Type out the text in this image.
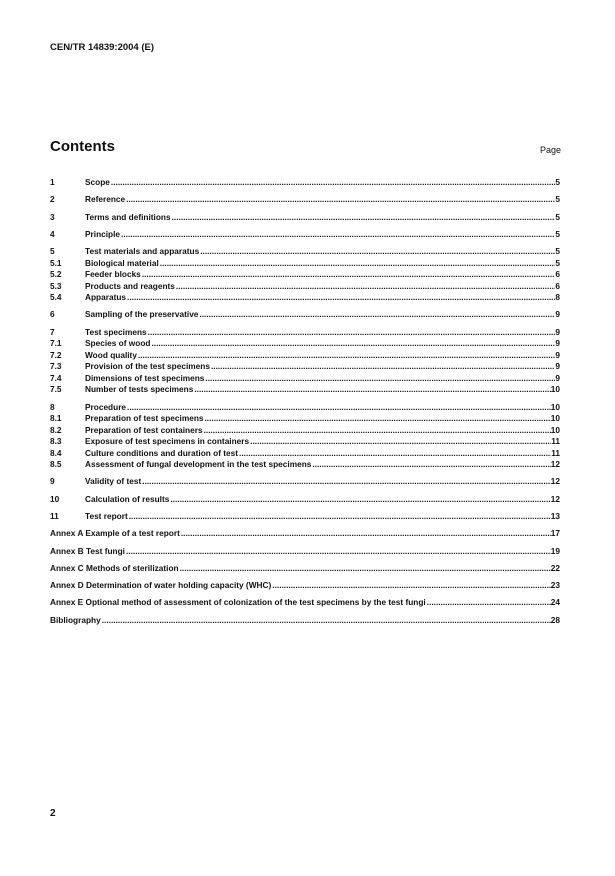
CEN/TR 14839:2004 (E)
Contents	Page
1	Scope .....	5
2	Reference .....	5
3	Terms and definitions .....	5
4	Principle .....	5
5	Test materials and apparatus .....	5
5.1	Biological material .....	5
5.2	Feeder blocks .....	6
5.3	Products and reagents .....	6
5.4	Apparatus .....	8
6	Sampling of the preservative .....	9
7	Test specimens .....	9
7.1	Species of wood .....	9
7.2	Wood quality .....	9
7.3	Provision of the test specimens .....	9
7.4	Dimensions of test specimens .....	9
7.5	Number of tests specimens .....	10
8	Procedure .....	10
8.1	Preparation of test specimens .....	10
8.2	Preparation of test containers .....	10
8.3	Exposure of test specimens in containers .....	11
8.4	Culture conditions and duration of test .....	11
8.5	Assessment of fungal development in the test specimens .....	12
9	Validity of test .....	12
10	Calculation of results .....	12
11	Test report .....	13
Annex A Example of a test report .....	17
Annex B Test fungi .....	19
Annex C Methods of sterilization .....	22
Annex D Determination of water holding capacity (WHC) .....	23
Annex E Optional method of assessment of colonization of the test specimens by the test fungi .....	24
Bibliography .....	28
2
